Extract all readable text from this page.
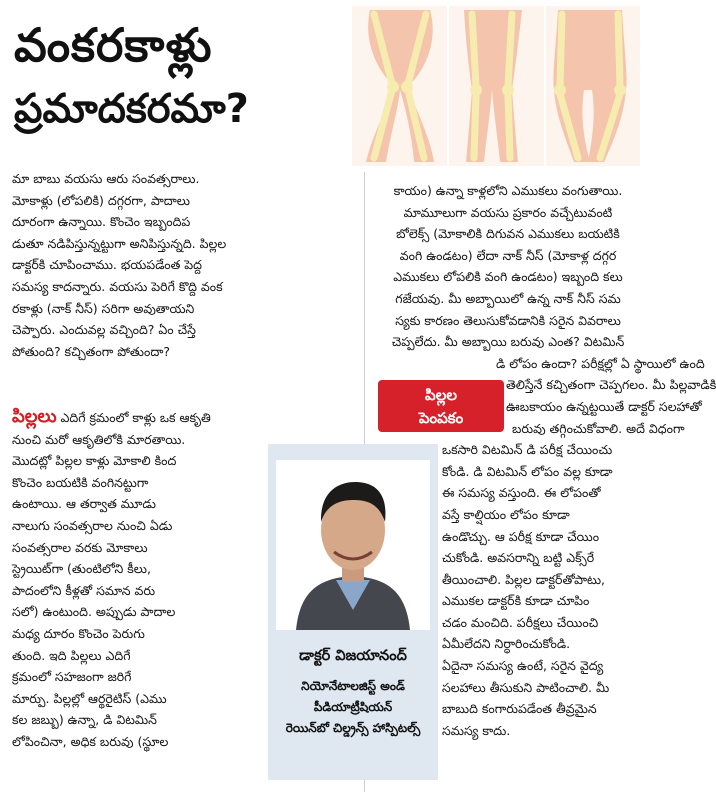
వంకరకాళ్లు
ప్రమాదకరమా?
మా బాబు వయసు ఆరు సంవత్సరాలు.
మోకాళ్లు (లోపలికి) దగ్గరగా, పాదాలు
దూరంగా ఉన్నాయి. కొంచెం ఇబ్బందిప
డుతూ నడిపిస్తున్నట్టుగా అనిపిస్తున్నది. పిల్లల
డాక్టర్‌కి చూపించాము. భయపడేంత పెద్ద
సమస్య కాదన్నారు. వయసు పెరిగే కొద్ది వంక
రకాళ్లు (నాక్ నీస్) సరిగా అవుతాయని
చెప్పారు. ఎందువల్ల వచ్చింది? ఏం చేస్తే
పోతుంది? కచ్చితంగా పోతుందా?
పిల్లలు ఎదిగే క్రమంలో కాళ్లు ఒక ఆకృతి
నుంచి మరో ఆకృతిలోకి మారతాయి.
మొదట్లో పిల్లల కాళ్లు మోకాలి కింద
కొంచెం బయటికి వంగినట్టుగా
ఉంటాయి. ఆ తర్వాత మూడు
నాలుగు సంవత్సరాల నుంచి ఏడు
సంవత్సరాల వరకు మోకాలు
స్ట్రెయిట్‌గా (తుంటిలోని కీలు,
పాదంలోని కీళ్లతో సమాన వరు
సలో) ఉంటుంది. అప్పుడు పాదాల
మధ్య దూరం కొంచెం పెరుగు
తుంది. ఇది పిల్లలు ఎదిగే
క్రమంలో సహజంగా జరిగే
మార్పు. పిల్లల్లో ఆర్థరైటిస్ (ఎము
కల జబ్బు) ఉన్నా, డి విటమిన్
లోపించినా, అధిక బరువు (స్థూల
కాయం) ఉన్నా కాళ్లలోని ఎముకలు వంగుతాయి.
మామూలుగా వయసు ప్రకారం వచ్చేటువంటి
బోలెక్స్ (మోకాలికి దిగువన ఎముకలు బయటికి
వంగి ఉండటం) లేదా నాక్ నీస్ (మోకాళ్ల దగ్గర
ఎముకలు లోపలికి వంగి ఉండటం) ఇబ్బంది కలు
గజేయవు. మీ అబ్బాయిలో ఉన్న నాక్ నీస్ సమ
స్యకు కారణం తెలుసుకోవడానికి సరైన వివరాలు
చెప్పలేదు. మీ అబ్బాయి బరువు ఎంత? విటమిన్
డి లోపం ఉందా? పరీక్షల్లో ఏ స్థాయిలో ఉంది
తెలిస్తేనే కచ్చితంగా చెప్పగలం. మీ పిల్లవాడికి
ఊబకాయం ఉన్నట్టయితే డాక్టర్ సలహాతో
బరువు తగ్గించుకోవాలి. అదే విధంగా
ఒకసారి విటమిన్ డి పరీక్ష చేయించు
కోండి. డి విటమిన్ లోపం వల్ల కూడా
ఈ సమస్య వస్తుంది. ఈ లోపంతో
వస్తే కాల్షియం లోపం కూడా
ఉండొచ్చు. ఆ పరీక్ష కూడా చేయిం
చుకోండి. అవసరాన్ని బట్టి ఎక్స్‌రే
తీయించాలి. పిల్లల డాక్టర్‌తోపాటు,
ఎముకల డాక్టర్‌కి కూడా చూపిం
చడం మంచిది. పరీక్షలు చేయించి
ఏమీలేదని నిర్ధారించుకోండి.
ఏదైనా సమస్య ఉంటే, సరైన వైద్య
సలహాలు తీసుకుని పాటించాలి. మీ
బాబుది కంగారుపడేంత తీవ్రమైన
సమస్య కాదు.
పిల్లల
పెంపకం
డాక్టర్ విజయానంద్
నియోనేటాలజిస్ట్ అండ్
పీడియాట్రీషియన్
రెయిన్‌బో చిల్డ్రన్స్ హాస్పిటల్స్
